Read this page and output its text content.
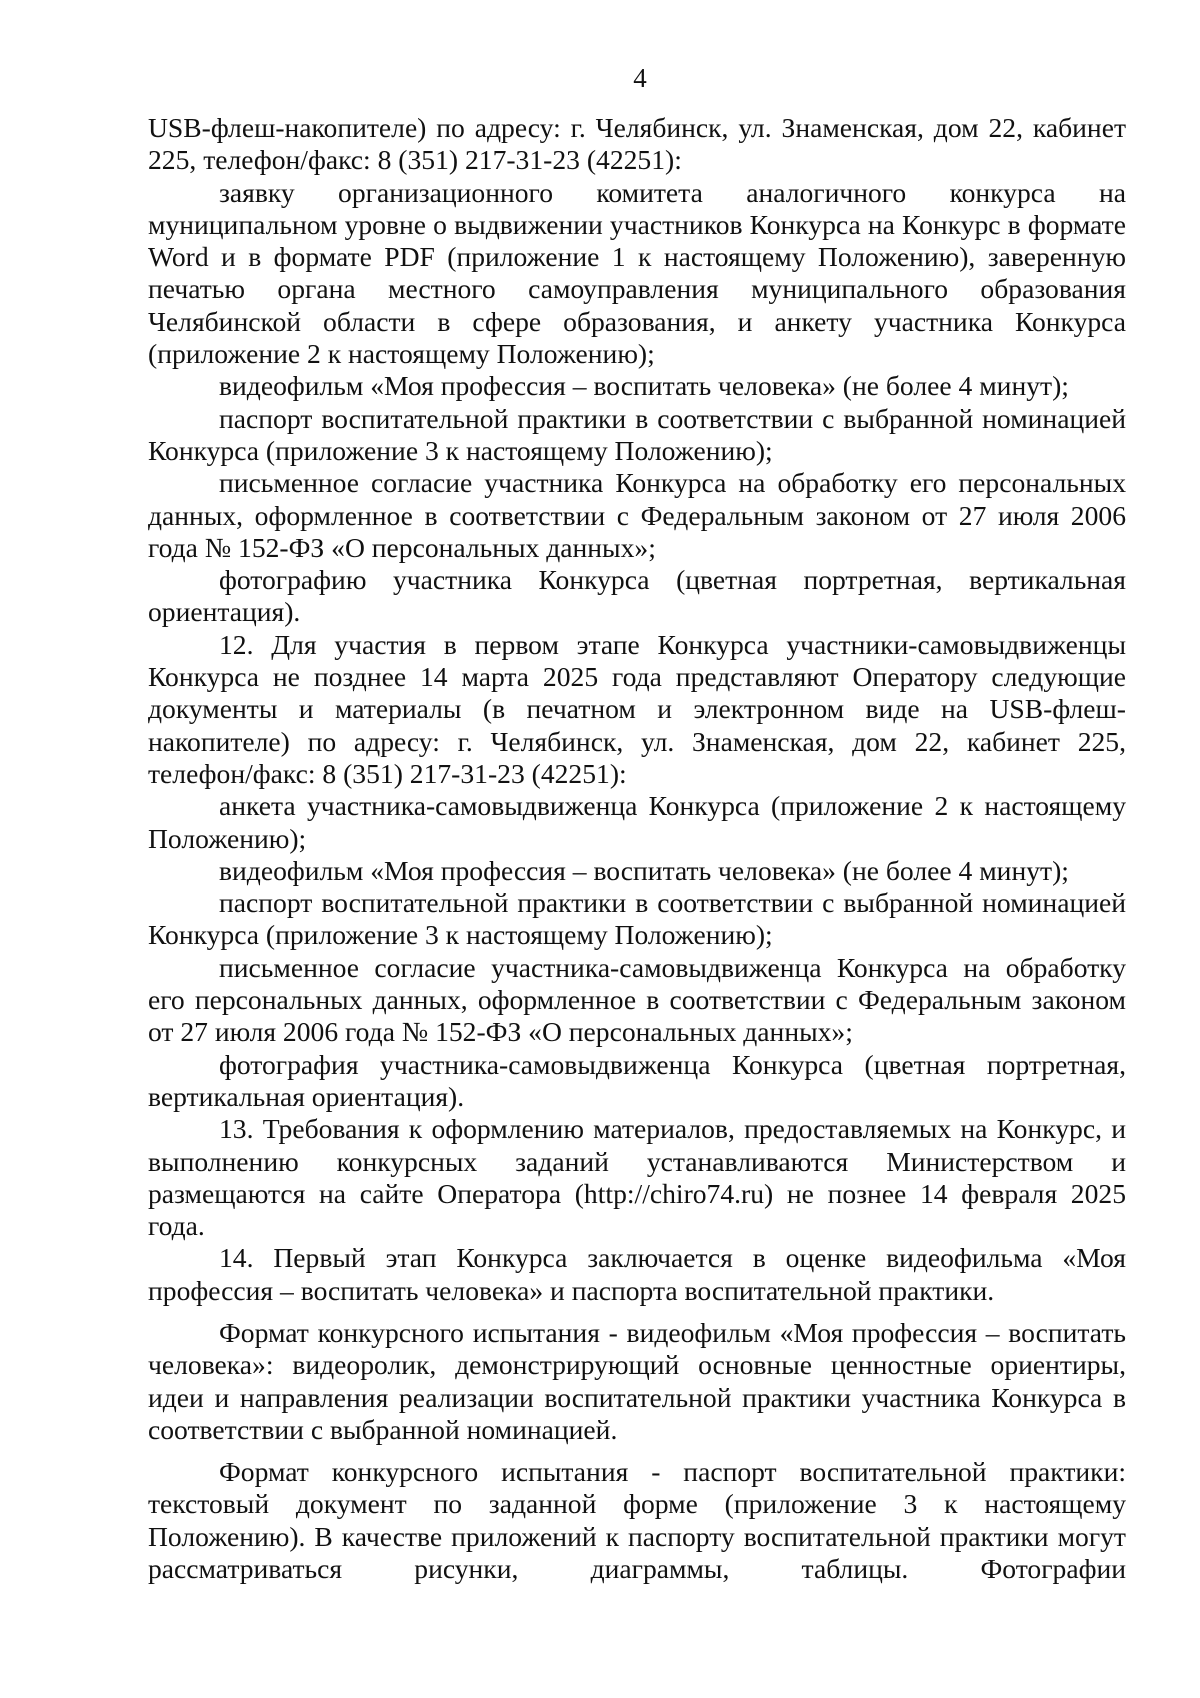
4

USB-флеш-накопителе) по адресу: г. Челябинск, ул. Знаменская, дом 22, кабинет 225, телефон/факс: 8 (351) 217-31-23 (42251):

заявку организационного комитета аналогичного конкурса на муниципальном уровне о выдвижении участников Конкурса на Конкурс в формате Word и в формате PDF (приложение 1 к настоящему Положению), заверенную печатью органа местного самоуправления муниципального образования Челябинской области в сфере образования, и анкету участника Конкурса (приложение 2 к настоящему Положению);

видеофильм «Моя профессия – воспитать человека» (не более 4 минут);

паспорт воспитательной практики в соответствии с выбранной номинацией Конкурса (приложение 3 к настоящему Положению);

письменное согласие участника Конкурса на обработку его персональных данных, оформленное в соответствии с Федеральным законом от 27 июля 2006 года № 152-ФЗ «О персональных данных»;

фотографию участника Конкурса (цветная портретная, вертикальная ориентация).

12. Для участия в первом этапе Конкурса участники-самовыдвиженцы Конкурса не позднее 14 марта 2025 года представляют Оператору следующие документы и материалы (в печатном и электронном виде на USB-флеш-накопителе) по адресу: г. Челябинск, ул. Знаменская, дом 22, кабинет 225, телефон/факс: 8 (351) 217-31-23 (42251):

анкета участника-самовыдвиженца Конкурса (приложение 2 к настоящему Положению);

видеофильм «Моя профессия – воспитать человека» (не более 4 минут);

паспорт воспитательной практики в соответствии с выбранной номинацией Конкурса (приложение 3 к настоящему Положению);

письменное согласие участника-самовыдвиженца Конкурса на обработку его персональных данных, оформленное в соответствии с Федеральным законом от 27 июля 2006 года № 152-ФЗ «О персональных данных»;

фотография участника-самовыдвиженца Конкурса (цветная портретная, вертикальная ориентация).

13. Требования к оформлению материалов, предоставляемых на Конкурс, и выполнению конкурсных заданий устанавливаются Министерством и размещаются на сайте Оператора (http://chiro74.ru) не познее 14 февраля 2025 года.

14. Первый этап Конкурса заключается в оценке видеофильма «Моя профессия – воспитать человека» и паспорта воспитательной практики.

Формат конкурсного испытания - видеофильм «Моя профессия – воспитать человека»: видеоролик, демонстрирующий основные ценностные ориентиры, идеи и направления реализации воспитательной практики участника Конкурса в соответствии с выбранной номинацией.

Формат конкурсного испытания - паспорт воспитательной практики: текстовый документ по заданной форме (приложение 3 к настоящему Положению). В качестве приложений к паспорту воспитательной практики могут рассматриваться рисунки, диаграммы, таблицы. Фотографии
